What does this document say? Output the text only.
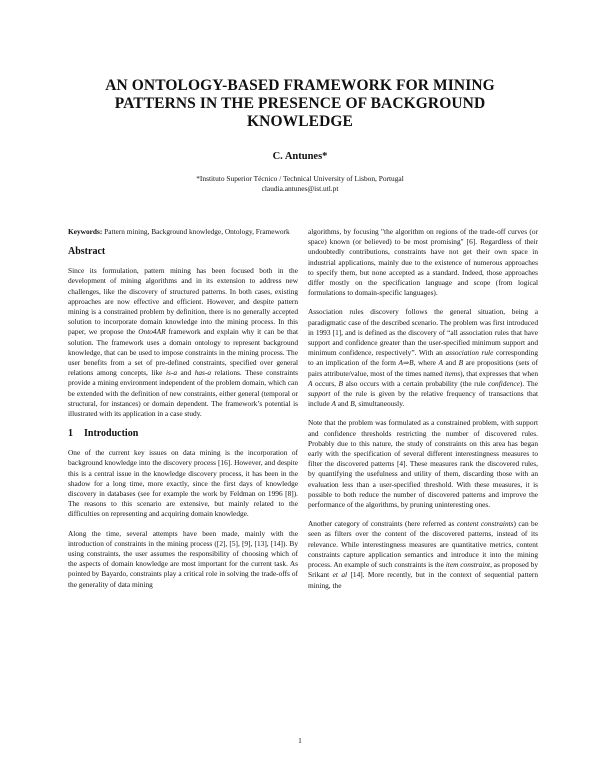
AN ONTOLOGY-BASED FRAMEWORK FOR MINING PATTERNS IN THE PRESENCE OF BACKGROUND KNOWLEDGE
C. Antunes*
*Instituto Superior Técnico / Technical University of Lisbon, Portugal
claudia.antunes@ist.utl.pt

Keywords: Pattern mining, Background knowledge, Ontology, Framework

Abstract

Since its formulation, pattern mining has been focused both in the development of mining algorithms and in its extension to address new challenges, like the discovery of structured patterns. In both cases, existing approaches are now effective and efficient. However, and despite pattern mining is a constrained problem by definition, there is no generally accepted solution to incorporate domain knowledge into the mining process. In this paper, we propose the Onto4AR framework and explain why it can be that solution. The framework uses a domain ontology to represent background knowledge, that can be used to impose constraints in the mining process. The user benefits from a set of pre-defined constraints, specified over general relations among concepts, like is-a and has-a relations. These constraints provide a mining environment independent of the problem domain, which can be extended with the definition of new constraints, either general (temporal or structural, for instances) or domain dependent. The framework’s potential is illustrated with its application in a case study.

1 Introduction

One of the current key issues on data mining is the incorporation of background knowledge into the discovery process [16]. However, and despite this is a central issue in the knowledge discovery process, it has been in the shadow for a long time, more exactly, since the first days of knowledge discovery in databases (see for example the work by Feldman on 1996 [8]). The reasons to this scenario are extensive, but mainly related to the difficulties on representing and acquiring domain knowledge.

Along the time, several attempts have been made, mainly with the introduction of constraints in the mining process ([2], [5], [9], [13], [14]). By using constraints, the user assumes the responsibility of choosing which of the aspects of domain knowledge are most important for the current task. As pointed by Bayardo, constraints play a critical role in solving the trade-offs of the generality of data mining

algorithms, by focusing "the algorithm on regions of the trade-off curves (or space) known (or believed) to be most promising" [6]. Regardless of their undoubtedly contributions, constraints have not get their own space in industrial applications, mainly due to the existence of numerous approaches to specify them, but none accepted as a standard. Indeed, those approaches differ mostly on the specification language and scope (from logical formulations to domain-specific languages).

Association rules discovery follows the general situation, being a paradigmatic case of the described scenario. The problem was first introduced in 1993 [1], and is defined as the discovery of “all association rules that have support and confidence greater than the user-specified minimum support and minimum confidence, respectively”. With an association rule corresponding to an implication of the form A⇒B, where A and B are propositions (sets of pairs attribute/value, most of the times named items), that expresses that when A occurs, B also occurs with a certain probability (the rule confidence). The support of the rule is given by the relative frequency of transactions that include A and B, simultaneously.

Note that the problem was formulated as a constrained problem, with support and confidence thresholds restricting the number of discovered rules. Probably due to this nature, the study of constraints on this area has began early with the specification of several different interestingness measures to filter the discovered patterns [4]. These measures rank the discovered rules, by quantifying the usefulness and utility of them, discarding those with an evaluation less than a user-specified threshold. With these measures, it is possible to both reduce the number of discovered patterns and improve the performance of the algorithms, by pruning uninteresting ones.

Another category of constraints (here referred as content constraints) can be seen as filters over the content of the discovered patterns, instead of its relevance. While interestingness measures are quantitative metrics, content constraints capture application semantics and introduce it into the mining process. An example of such constraints is the item constraint, as proposed by Srikant et al [14]. More recently, but in the context of sequential pattern mining, the

1
